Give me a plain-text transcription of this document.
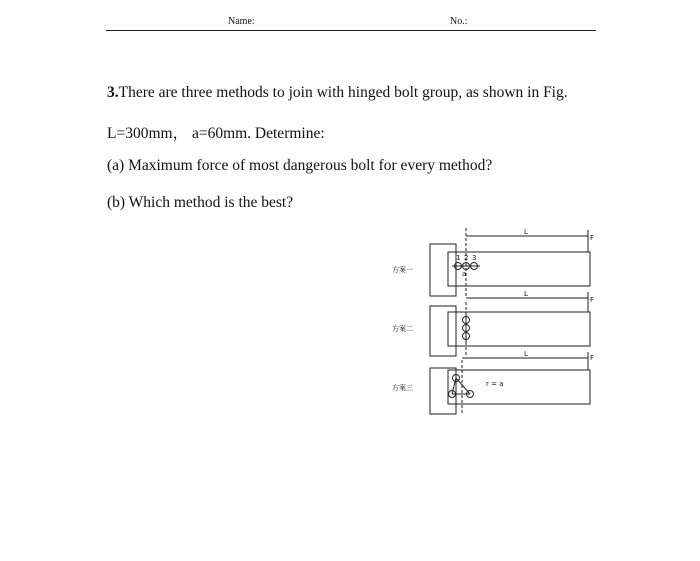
Name:	No.:
3.There are three methods to join with hinged bolt group, as shown in Fig.
L=300mm， a=60mm. Determine:
(a) Maximum force of most dangerous bolt for every method?
(b) Which method is the best?
方案一
方案二
方案三
L
L
L
F
F
F
a
r = a
1 2 3
